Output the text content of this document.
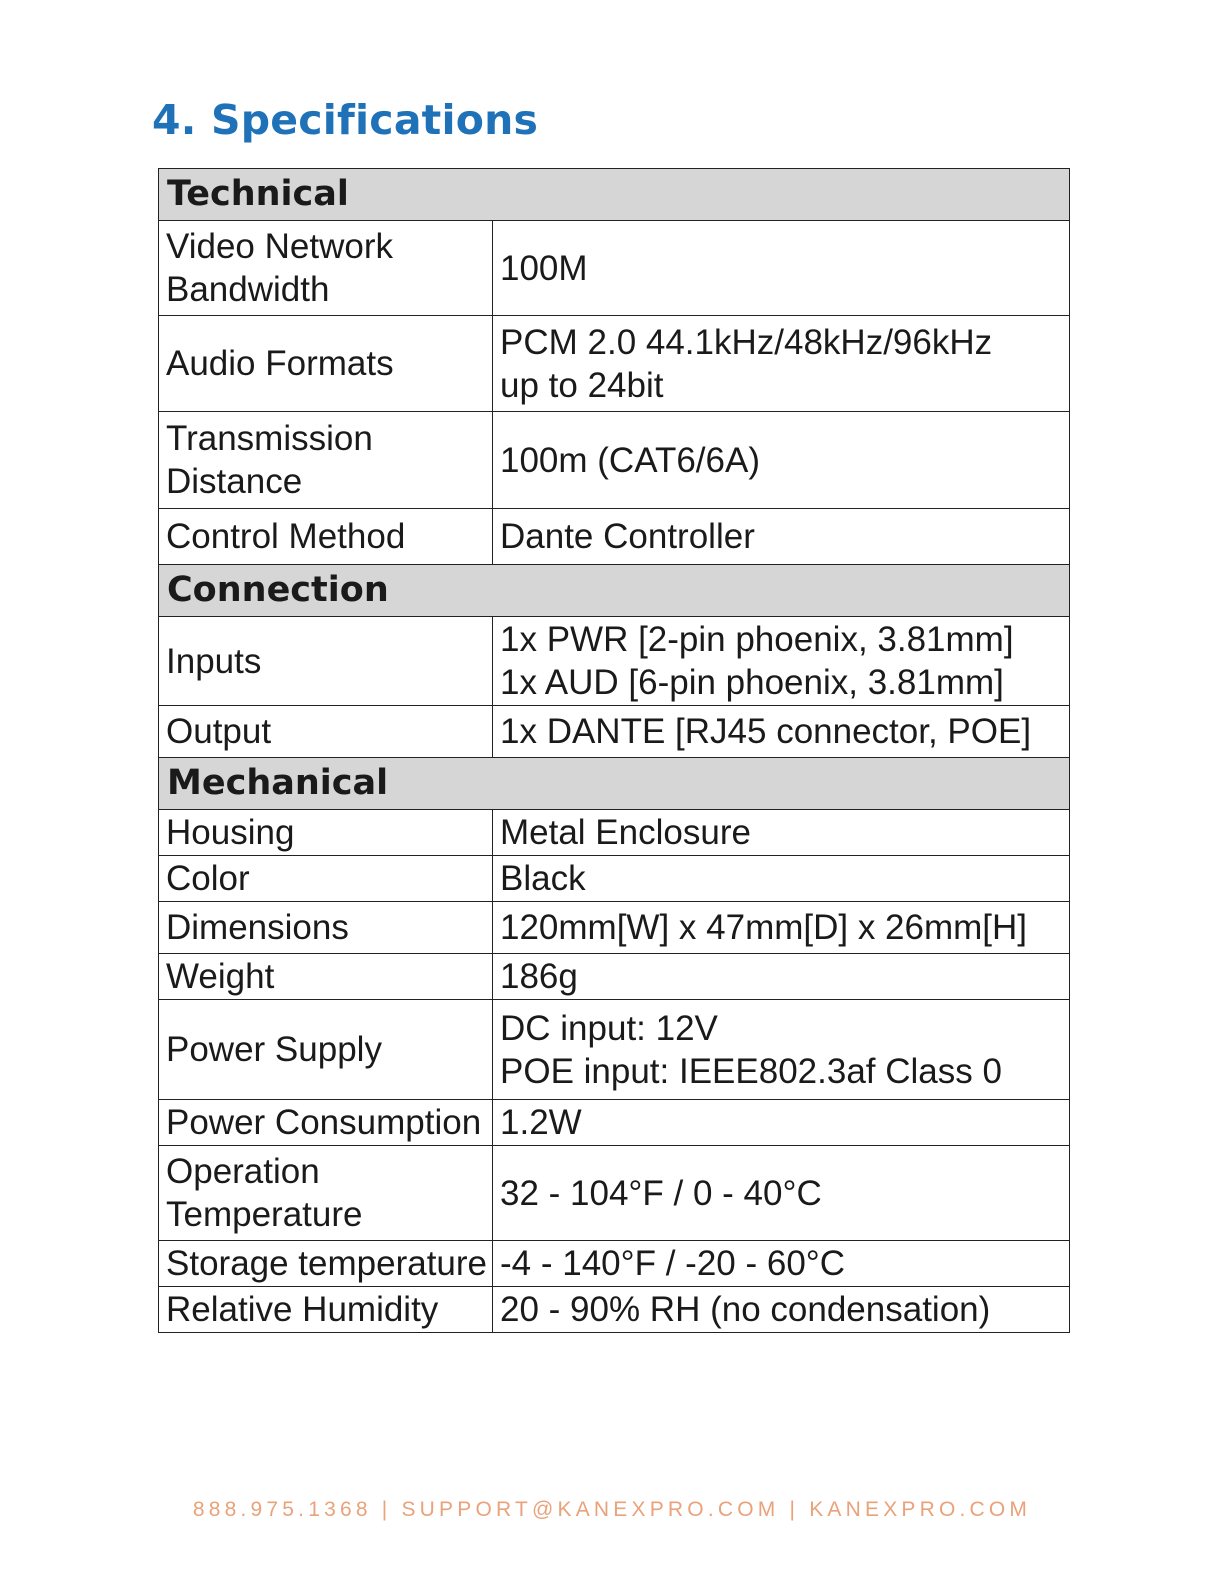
4. Specifications
Technical	

Video Network
Bandwidth	100M

Audio Formats	PCM 2.0 44.1kHz/48kHz/96kHz
up to 24bit

Transmission
Distance	100m (CAT6/6A)

Control Method	Dante Controller

Connection	

Inputs	1x PWR [2-pin phoenix, 3.81mm]
1x AUD [6-pin phoenix, 3.81mm]

Output	1x DANTE [RJ45 connector, POE]

Mechanical	

Housing	Metal Enclosure

Color	Black

Dimensions	120mm[W] x 47mm[D] x 26mm[H]

Weight	186g

Power Supply	DC input: 12V
POE input: IEEE802.3af Class 0

Power Consumption	1.2W

Operation
Temperature	32 - 104°F / 0 - 40°C

Storage temperature	-4 - 140°F / -20 - 60°C

Relative Humidity	20 - 90% RH (no condensation)
888.975.1368 | SUPPORT@KANEXPRO.COM | KANEXPRO.COM
